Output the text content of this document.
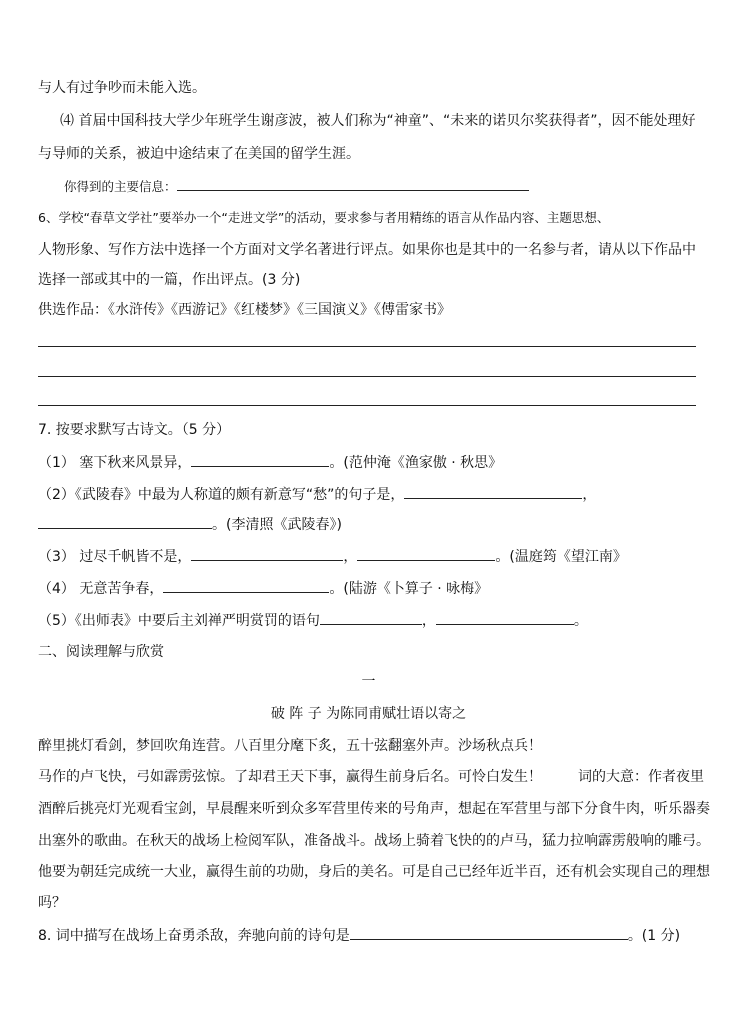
与人有过争吵而未能入选。
⑷ 首届中国科技大学少年班学生谢彦波，被人们称为“神童”、“未来的诺贝尔奖获得者”，因不能处理好
与导师的关系，被迫中途结束了在美国的留学生涯。
你得到的主要信息：
6、学校“春草文学社”要举办一个“走进文学”的活动，要求参与者用精练的语言从作品内容、主题思想、
人物形象、写作方法中选择一个方面对文学名著进行评点。如果你也是其中的一名参与者，请从以下作品中
选择一部或其中的一篇，作出评点。(3 分)
供选作品：《水浒传》《西游记》《红楼梦》《三国演义》《傅雷家书》
7. 按要求默写古诗文。（5 分）
（1） 塞下秋来风景异，	。(范仲淹《渔家傲 · 秋思》
（2）《武陵春》中最为人称道的颇有新意写“愁”的句子是，	，
。(李清照《武陵春》)
（3） 过尽千帆皆不是，	，	。(温庭筠《望江南》
（4） 无意苦争春，	。(陆游《卜算子 · 咏梅》
（5）《出师表》中要后主刘禅严明赏罚的语句	，	。
二、阅读理解与欣赏
一
破 阵 子 为陈同甫赋壮语以寄之
醉里挑灯看剑，梦回吹角连营。八百里分麾下炙，五十弦翻塞外声。沙场秋点兵！
马作的卢飞快，弓如霹雳弦惊。了却君王天下事，赢得生前身后名。可怜白发生！	词的大意：作者夜里
酒醉后挑亮灯光观看宝剑，早晨醒来听到众多军营里传来的号角声，想起在军营里与部下分食牛肉，听乐器奏
出塞外的歌曲。在秋天的战场上检阅军队，准备战斗。战场上骑着飞快的的卢马，猛力拉响霹雳般响的雕弓。
他要为朝廷完成统一大业，赢得生前的功勋，身后的美名。可是自己已经年近半百，还有机会实现自己的理想
吗？
8. 词中描写在战场上奋勇杀敌，奔驰向前的诗句是	。(1 分)
